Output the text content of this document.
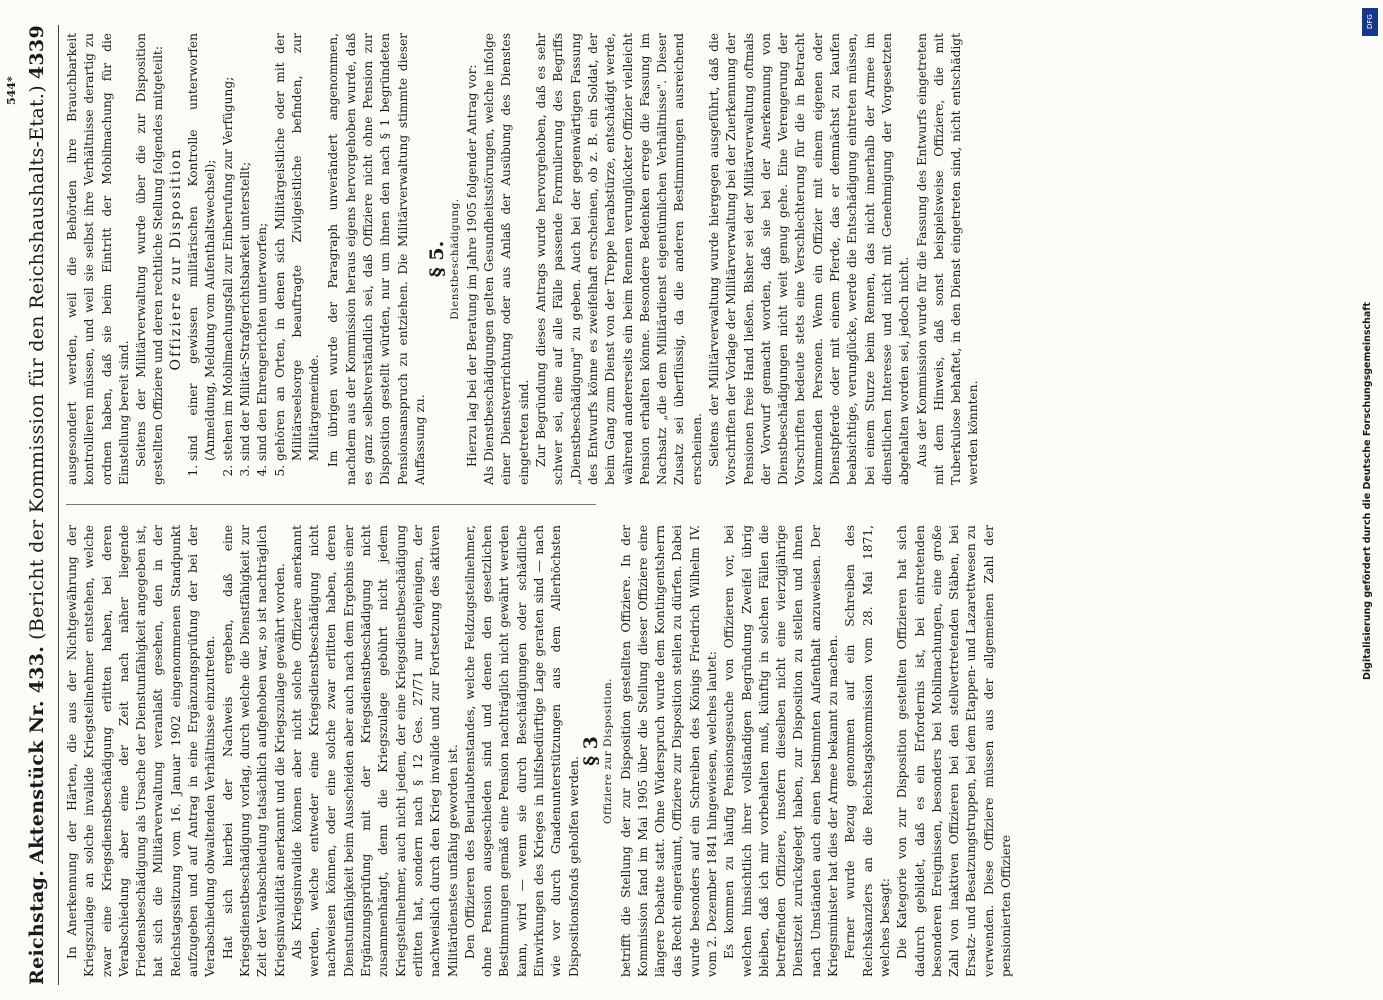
Reichstag.
Aktenstück Nr. 433.
(Bericht der Kommission für den Reichshaushalts-Etat.)
4339

In Anerkennung der Härten, die aus der Nichtgewährung der Kriegszulage an solche invalide Kriegsteilnehmer entstehen, welche zwar eine Kriegsdienstbeschädigung erlitten haben, bei deren Verabschiedung aber eine der Zeit nach näher liegende Friedensbeschädigung als Ursache der Dienstunfähigkeit angegeben ist, hat sich die Militärverwaltung veranlaßt gesehen, den in der Reichstagssitzung vom 16. Januar 1902 eingenommenen Standpunkt aufzugeben und auf Antrag in eine Ergänzungsprüfung der bei der Verabschiedung obwaltenden Verhältnisse einzutreten. Hat sich hierbei der Nachweis ergeben, daß eine Kriegsdienstbeschädigung vorlag, durch welche die Dienstfähigkeit zur Zeit der Verabschiedung tatsächlich aufgehoben war, so ist nachträglich Kriegsinvalidität anerkannt und die Kriegszulage gewährt worden. Als Kriegsinvalide können aber nicht solche Offiziere anerkannt werden, welche entweder eine Kriegsdienstbeschädigung nicht nachweisen können, oder eine solche zwar erlitten haben, deren Dienstunfähigkeit beim Ausscheiden aber auch nach dem Ergebnis einer Ergänzungsprüfung mit der Kriegsdienstbeschädigung nicht zusammenhängt, denn die Kriegszulage gebührt nicht jedem Kriegsteilnehmer, auch nicht jedem, der eine Kriegsdienstbeschädigung erlitten hat, sondern nach § 12 Ges. 27/71 nur denjenigen, der nachweislich durch den Krieg invalide und zur Fortsetzung des aktiven Militärdienstes unfähig geworden ist. Den Offizieren des Beurlaubtenstandes, welche Feldzugsteilnehmer, ohne Pension ausgeschieden sind und denen den gesetzlichen Bestimmungen gemäß eine Pension nachträglich nicht gewährt werden kann, wird — wenn sie durch Beschädigungen oder schädliche Einwirkungen des Krieges in hilfsbedürftige Lage geraten sind — nach wie vor durch Gnadenunterstützungen aus dem Allerhöchsten Dispositionsfonds geholfen werden.

§ 3 Offiziere zur Disposition. betrifft die Stellung der zur Disposition gestellten Offiziere. In der Kommission fand im Mai 1905 über die Stellung dieser Offiziere eine längere Debatte statt. Ohne Widerspruch wurde dem Kontingentsherrn das Recht eingeräumt, Offiziere zur Disposition stellen zu dürfen. Dabei wurde besonders auf ein Schreiben des Königs Friedrich Wilhelm IV. vom 2. Dezember 1841 hingewiesen, welches lautet: Es kommen zu häufig Pensionsgesuche von Offizieren vor, bei welchen hinsichtlich ihrer vollständigen Begründung Zweifel übrig bleiben, daß ich mir vorbehalten muß, künftig in solchen Fällen die betreffenden Offiziere, insofern dieselben nicht eine vierzigjährige Dienstzeit zurückgelegt haben, zur Disposition zu stellen und ihnen nach Umständen auch einen bestimmten Aufenthalt anzuweisen. Der Kriegsminister hat dies der Armee bekannt zu machen. Ferner wurde Bezug genommen auf ein Schreiben des Reichskanzlers an die Reichstagskommission vom 28. Mai 1871, welches besagt: Die Kategorie von zur Disposition gestellten Offizieren hat sich dadurch gebildet, daß es ein Erfordernis ist, bei eintretenden besonderen Ereignissen, besonders bei Mobilmachungen, eine große Zahl von inaktiven Offizieren bei den stellvertretenden Stäben, bei Ersatz- und Besatzungstruppen, bei dem Etappen- und Lazarettwesen zu verwenden. Diese Offiziere müssen aus der allgemeinen Zahl der pensionierten Offiziere

ausgesondert werden, weil die Behörden ihre Brauchbarkeit kontrollieren müssen, und weil sie selbst ihre Verhältnisse derartig zu ordnen haben, daß sie beim Eintritt der Mobilmachung für die Einstellung bereit sind. Seitens der Militärverwaltung wurde über die zur Disposition gestellten Offiziere und deren rechtliche Stellung folgendes mitgeteilt: Offiziere zur Disposition 1. sind einer gewissen militärischen Kontrolle unterworfen (Anmeldung, Meldung vom Aufenthaltswechsel); 2. stehen im Mobilmachungsfall zur Einberufung zur Verfügung; 3. sind der Militär-Strafgerichtsbarkeit unterstellt; 4. sind den Ehrengerichten unterworfen; 5. gehören an Orten, in denen sich Militärgeistliche oder mit der Militärseelsorge beauftragte Zivilgeistliche befinden, zur Militärgemeinde. Im übrigen wurde der Paragraph unverändert angenommen, nachdem aus der Kommission heraus eigens hervorgehoben wurde, daß es ganz selbstverständlich sei, daß Offiziere nicht ohne Pension zur Disposition gestellt würden, nur um ihnen den nach § 1 begründeten Pensionsanspruch zu entziehen. Die Militärverwaltung stimmte dieser Auffassung zu.

§ 5. Dienstbeschädigung. Hierzu lag bei der Beratung im Jahre 1905 folgender Antrag vor: Als Dienstbeschädigungen gelten Gesundheitsstörungen, welche infolge einer Dienstverrichtung oder aus Anlaß der Ausübung des Dienstes eingetreten sind. Zur Begründung dieses Antrags wurde hervorgehoben, daß es sehr schwer sei, eine auf alle Fälle passende Formulierung des Begriffs „Dienstbeschädigung" zu geben. Auch bei der gegenwärtigen Fassung des Entwurfs könne es zweifelhaft erscheinen, ob z. B. ein Soldat, der beim Gang zum Dienst von der Treppe herabstürze, entschädigt werde, während andererseits ein beim Rennen verunglückter Offizier vielleicht Pension erhalten könne. Besondere Bedenken errege die Fassung im Nachsatz „die dem Militärdienst eigentümlichen Verhältnisse". Dieser Zusatz sei überflüssig, da die anderen Bestimmungen ausreichend erscheinen. Seitens der Militärverwaltung wurde hiergegen ausgeführt, daß die Vorschriften der Vorlage der Militärverwaltung bei der Zuerkennung der Pensionen freie Hand ließen. Bisher sei der Militärverwaltung oftmals der Vorwurf gemacht worden, daß sie bei der Anerkennung von Dienstbeschädigungen nicht weit genug gehe. Eine Verengerung der Vorschriften bedeute stets eine Verschlechterung für die in Betracht kommenden Personen. Wenn ein Offizier mit einem eigenen oder Dienstpferde oder mit einem Pferde, das er demnächst zu kaufen beabsichtige, verunglücke, werde die Entschädigung eintreten müssen, bei einem Sturze beim Rennen, das nicht innerhalb der Armee im dienstlichen Interesse und nicht mit Genehmigung der Vorgesetzten abgehalten worden sei, jedoch nicht. Aus der Kommission wurde für die Fassung des Entwurfs eingetreten mit dem Hinweis, daß sonst beispielsweise Offiziere, die mit Tuberkulose behaftet, in den Dienst eingetreten sind, nicht entschädigt werden könnten.

544*
DFG
Digitalisierung gefördert durch die Deutsche Forschungsgemeinschaft
